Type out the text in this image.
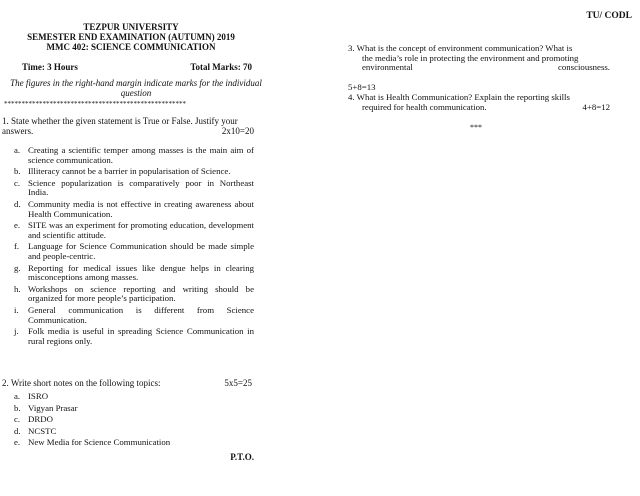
TU/ CODL
TEZPUR UNIVERSITY
SEMESTER END EXAMINATION (AUTUMN) 2019
MMC 402: SCIENCE COMMUNICATION
Time: 3 Hours	Total Marks: 70
The figures in the right-hand margin indicate marks for the individual question
****************************************************
1. State whether the given statement is True or False. Justify your answers.	2x10=20
a. Creating a scientific temper among masses is the main aim of science communication.
b. Illiteracy cannot be a barrier in popularisation of Science.
c. Science popularization is comparatively poor in Northeast India.
d. Community media is not effective in creating awareness about Health Communication.
e. SITE was an experiment for promoting education, development and scientific attitude.
f. Language for Science Communication should be made simple and people-centric.
g. Reporting for medical issues like dengue helps in clearing misconceptions among masses.
h. Workshops on science reporting and writing should be organized for more people’s participation.
i. General communication is different from Science Communication.
j. Folk media is useful in spreading Science Communication in rural regions only.
2. Write short notes on the following topics:	5x5=25
a. ISRO
b. Vigyan Prasar
c. DRDO
d. NCSTC
e. New Media for Science Communication
P.T.O.
3. What is the concept of environment communication? What is
the media’s role in protecting the environment and promoting
environmental	consciousness.
5+8=13
4. What is Health Communication? Explain the reporting skills
required for health communication.	4+8=12
***
